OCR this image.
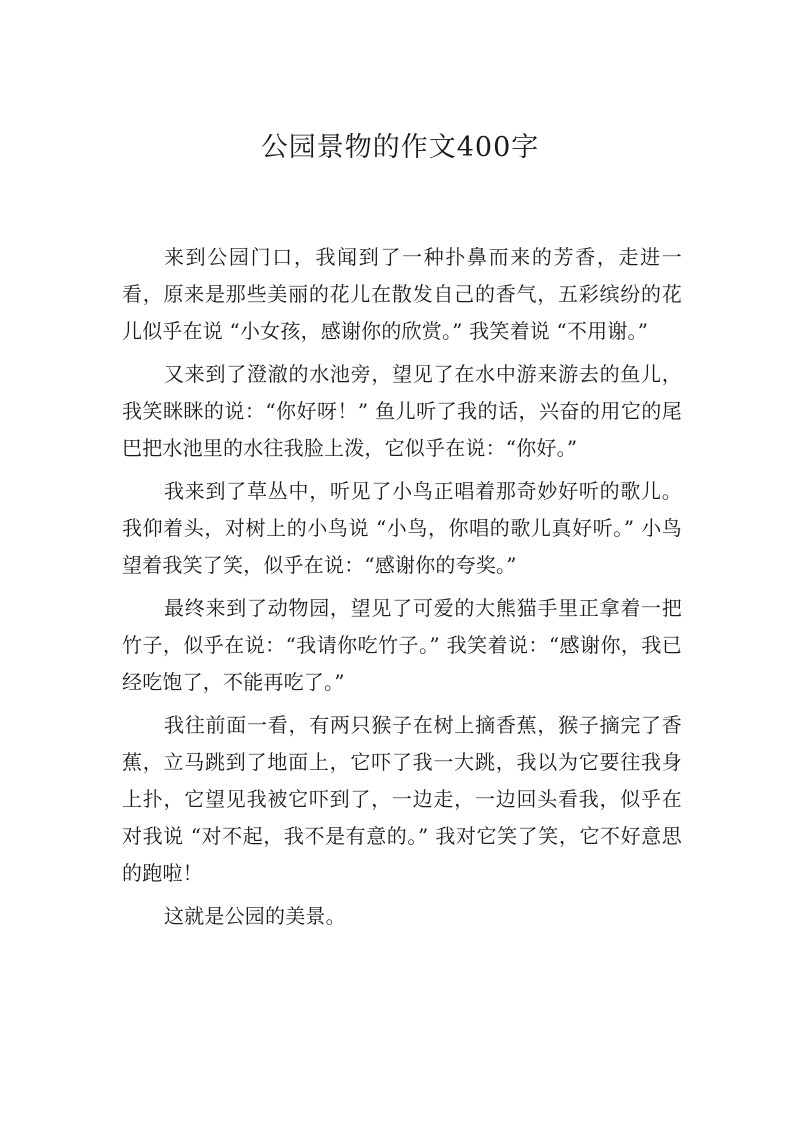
公园景物的作文400字

来到公园门口，我闻到了一种扑鼻而来的芳香，走进一看，原来是那些美丽的花儿在散发自己的香气，五彩缤纷的花儿似乎在说 “小女孩，感谢你的欣赏。” 我笑着说 “不用谢。”

又来到了澄澈的水池旁，望见了在水中游来游去的鱼儿，我笑眯眯的说：“你好呀！” 鱼儿听了我的话，兴奋的用它的尾巴把水池里的水往我脸上泼，它似乎在说：“你好。”

我来到了草丛中，听见了小鸟正唱着那奇妙好听的歌儿。我仰着头，对树上的小鸟说 “小鸟，你唱的歌儿真好听。” 小鸟望着我笑了笑，似乎在说：“感谢你的夸奖。”

最终来到了动物园，望见了可爱的大熊猫手里正拿着一把竹子，似乎在说：“我请你吃竹子。” 我笑着说：“感谢你，我已经吃饱了，不能再吃了。”

我往前面一看，有两只猴子在树上摘香蕉，猴子摘完了香蕉，立马跳到了地面上，它吓了我一大跳，我以为它要往我身上扑，它望见我被它吓到了，一边走，一边回头看我，似乎在对我说 “对不起，我不是有意的。” 我对它笑了笑，它不好意思的跑啦！

这就是公园的美景。
